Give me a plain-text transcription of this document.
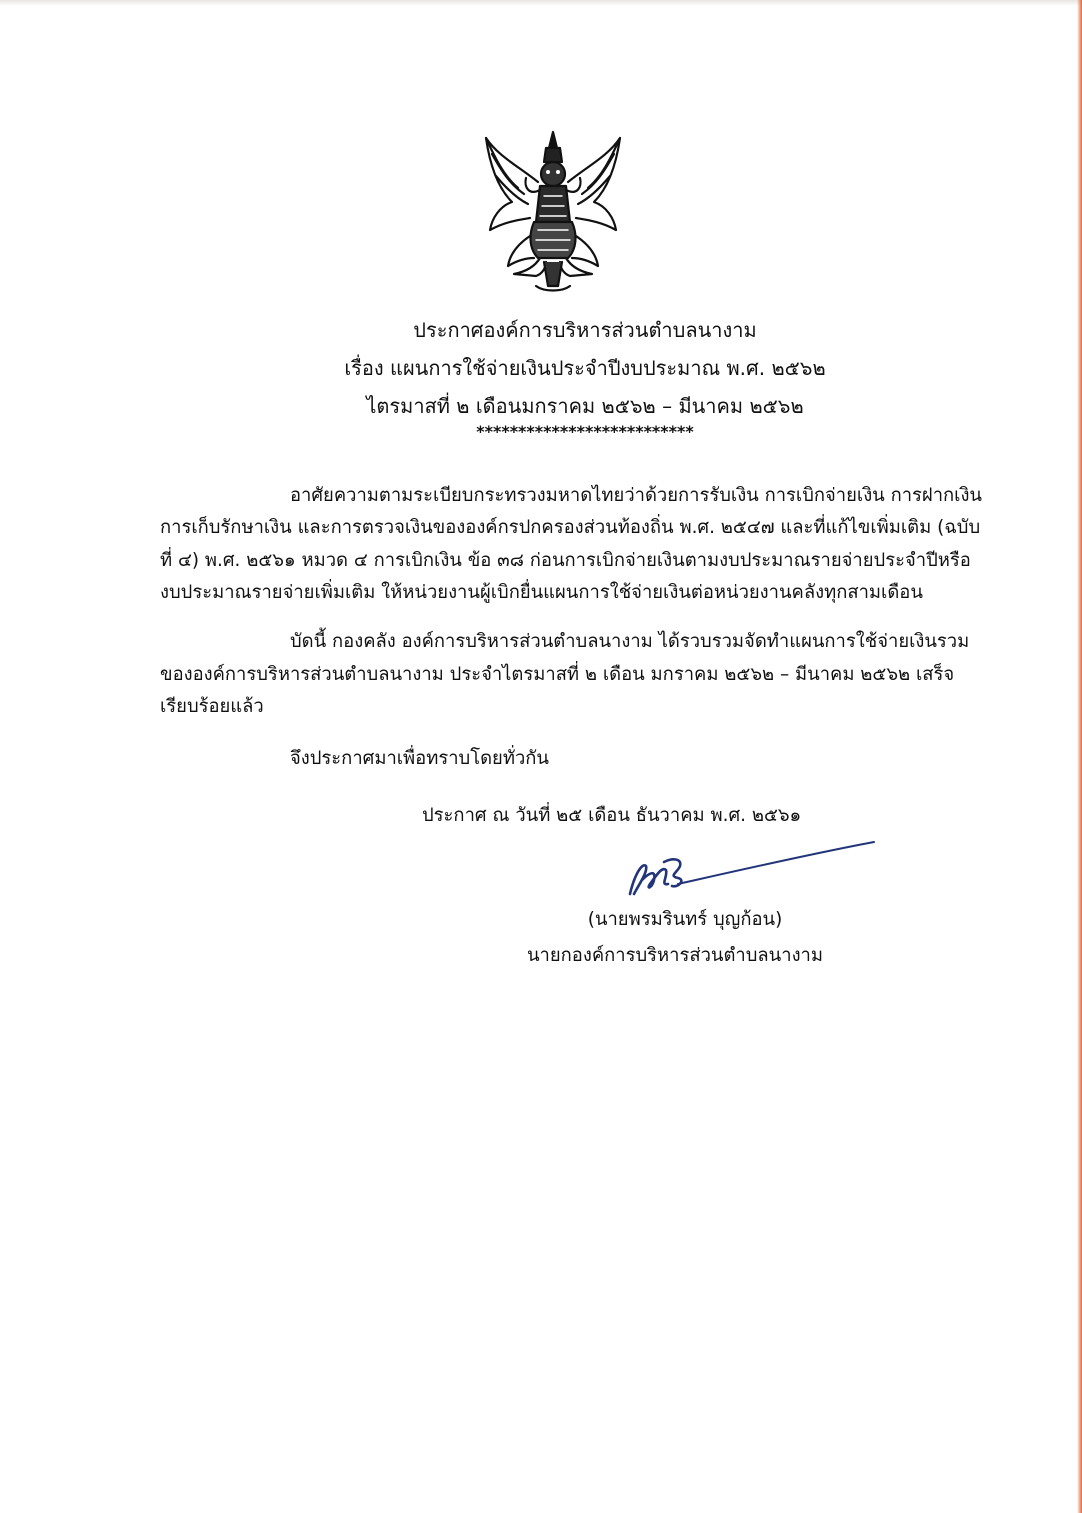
ประกาศองค์การบริหารส่วนตำบลนางาม
เรื่อง แผนการใช้จ่ายเงินประจำปีงบประมาณ พ.ศ. ๒๕๖๒
ไตรมาสที่ ๒ เดือนมกราคม ๒๕๖๒ – มีนาคม ๒๕๖๒
**************************
อาศัยความตามระเบียบกระทรวงมหาดไทยว่าด้วยการรับเงิน การเบิกจ่ายเงิน การฝากเงิน
การเก็บรักษาเงิน และการตรวจเงินขององค์กรปกครองส่วนท้องถิ่น พ.ศ. ๒๕๔๗ และที่แก้ไขเพิ่มเติม (ฉบับ
ที่ ๔) พ.ศ. ๒๕๖๑ หมวด ๔ การเบิกเงิน ข้อ ๓๘ ก่อนการเบิกจ่ายเงินตามงบประมาณรายจ่ายประจำปีหรือ
งบประมาณรายจ่ายเพิ่มเติม ให้หน่วยงานผู้เบิกยื่นแผนการใช้จ่ายเงินต่อหน่วยงานคลังทุกสามเดือน
บัดนี้ กองคลัง องค์การบริหารส่วนตำบลนางาม ได้รวบรวมจัดทำแผนการใช้จ่ายเงินรวม
ขององค์การบริหารส่วนตำบลนางาม ประจำไตรมาสที่ ๒ เดือน มกราคม ๒๕๖๒ – มีนาคม ๒๕๖๒ เสร็จ
เรียบร้อยแล้ว
จึงประกาศมาเพื่อทราบโดยทั่วกัน
ประกาศ ณ วันที่ ๒๕ เดือน ธันวาคม พ.ศ. ๒๕๖๑
(นายพรมรินทร์ บุญก้อน)
นายกองค์การบริหารส่วนตำบลนางาม
